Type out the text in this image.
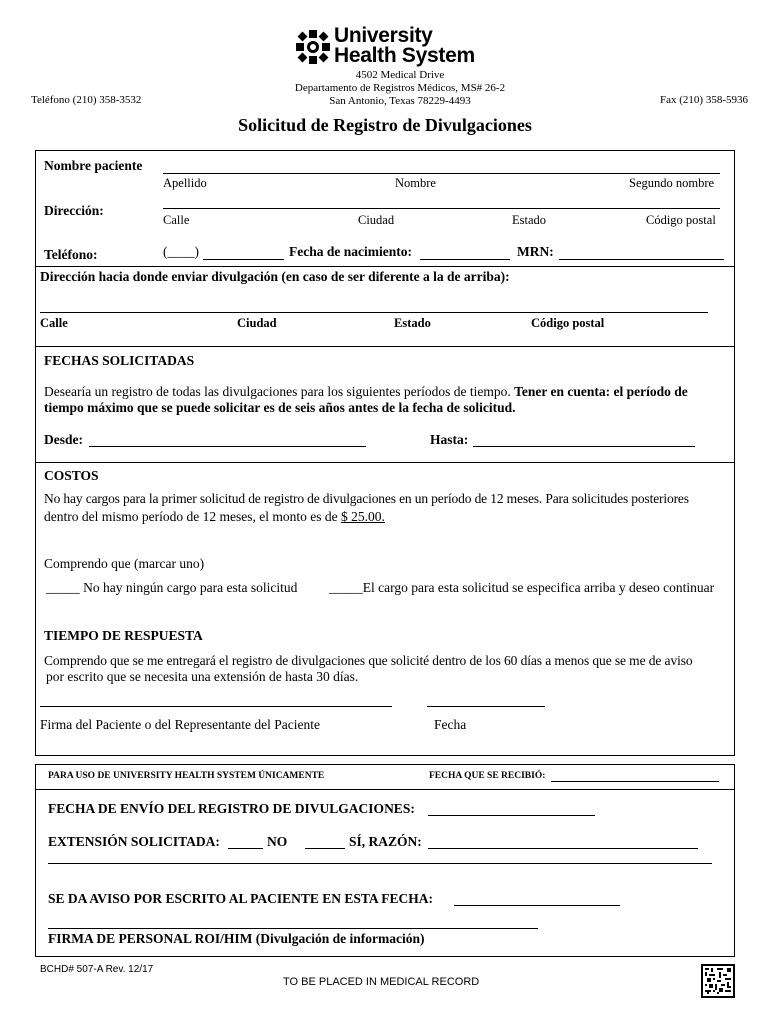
University
Health System
4502 Medical Drive
Departamento de Registros Médicos, MS# 26-2
San Antonio, Texas 78229-4493
Teléfono (210) 358-3532	Fax (210) 358-5936
Solicitud de Registro de Divulgaciones
Nombre paciente
Apellido	Nombre	Segundo nombre
Dirección:
Calle	Ciudad	Estado	Código postal
Teléfono:	(____)	Fecha de nacimiento:	MRN:
Dirección hacia donde enviar divulgación (en caso de ser diferente a la de arriba):
Calle	Ciudad	Estado	Código postal
FECHAS SOLICITADAS
Desearía un registro de todas las divulgaciones para los siguientes períodos de tiempo. Tener en cuenta: el período de
tiempo máximo que se puede solicitar es de seis años antes de la fecha de solicitud.
Desde:	Hasta:
COSTOS
No hay cargos para la primer solicitud de registro de divulgaciones en un período de 12 meses. Para solicitudes posteriores
dentro del mismo período de 12 meses, el monto es de $ 25.00.
Comprendo que (marcar uno)
_____ No hay ningún cargo para esta solicitud _____El cargo para esta solicitud se especifica arriba y deseo continuar
TIEMPO DE RESPUESTA
Comprendo que se me entregará el registro de divulgaciones que solicité dentro de los 60 días a menos que se me de aviso
por escrito que se necesita una extensión de hasta 30 días.
Firma del Paciente o del Representante del Paciente	Fecha
PARA USO DE UNIVERSITY HEALTH SYSTEM ÚNICAMENTE	FECHA QUE SE RECIBIÓ:
FECHA DE ENVÍO DEL REGISTRO DE DIVULGACIONES:
EXTENSIÓN SOLICITADA:	NO	SÍ, RAZÓN:
SE DA AVISO POR ESCRITO AL PACIENTE EN ESTA FECHA:
FIRMA DE PERSONAL ROI/HIM (Divulgación de información)
BCHD# 507-A Rev. 12/17
TO BE PLACED IN MEDICAL RECORD
